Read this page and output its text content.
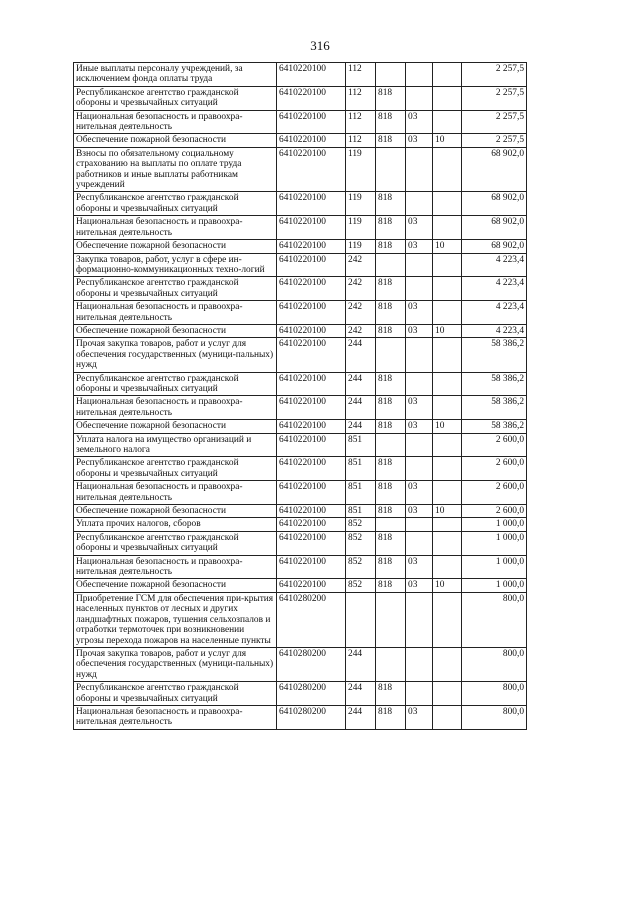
316
Иные выплаты персоналу учреждений, за исключением фонда оплаты труда	6410220100	112				2 257,5
Республиканское агентство гражданской обороны и чрезвычайных ситуаций	6410220100	112	818			2 257,5
Национальная безопасность и правоохра-нительная деятельность	6410220100	112	818	03		2 257,5
Обеспечение пожарной безопасности	6410220100	112	818	03	10	2 257,5
Взносы по обязательному социальному страхованию на выплаты по оплате труда работников и иные выплаты работникам учреждений	6410220100	119				68 902,0
Республиканское агентство гражданской обороны и чрезвычайных ситуаций	6410220100	119	818			68 902,0
Национальная безопасность и правоохра-нительная деятельность	6410220100	119	818	03		68 902,0
Обеспечение пожарной безопасности	6410220100	119	818	03	10	68 902,0
Закупка товаров, работ, услуг в сфере ин-формационно-коммуникационных техно-логий	6410220100	242				4 223,4
Республиканское агентство гражданской обороны и чрезвычайных ситуаций	6410220100	242	818			4 223,4
Национальная безопасность и правоохра-нительная деятельность	6410220100	242	818	03		4 223,4
Обеспечение пожарной безопасности	6410220100	242	818	03	10	4 223,4
Прочая закупка товаров, работ и услуг для обеспечения государственных (муници-пальных) нужд	6410220100	244				58 386,2
Республиканское агентство гражданской обороны и чрезвычайных ситуаций	6410220100	244	818			58 386,2
Национальная безопасность и правоохра-нительная деятельность	6410220100	244	818	03		58 386,2
Обеспечение пожарной безопасности	6410220100	244	818	03	10	58 386,2
Уплата налога на имущество организаций и земельного налога	6410220100	851				2 600,0
Республиканское агентство гражданской обороны и чрезвычайных ситуаций	6410220100	851	818			2 600,0
Национальная безопасность и правоохра-нительная деятельность	6410220100	851	818	03		2 600,0
Обеспечение пожарной безопасности	6410220100	851	818	03	10	2 600,0
Уплата прочих налогов, сборов	6410220100	852				1 000,0
Республиканское агентство гражданской обороны и чрезвычайных ситуаций	6410220100	852	818			1 000,0
Национальная безопасность и правоохра-нительная деятельность	6410220100	852	818	03		1 000,0
Обеспечение пожарной безопасности	6410220100	852	818	03	10	1 000,0
Приобретение ГСМ для обеспечения при-крытия населенных пунктов от лесных и других ландшафтных пожаров, тушения сельхозпалов и отработки термоточек при возникновении угрозы перехода пожаров на населенные пункты	6410280200					800,0
Прочая закупка товаров, работ и услуг для обеспечения государственных (муници-пальных) нужд	6410280200	244				800,0
Республиканское агентство гражданской обороны и чрезвычайных ситуаций	6410280200	244	818			800,0
Национальная безопасность и правоохра-нительная деятельность	6410280200	244	818	03		800,0
